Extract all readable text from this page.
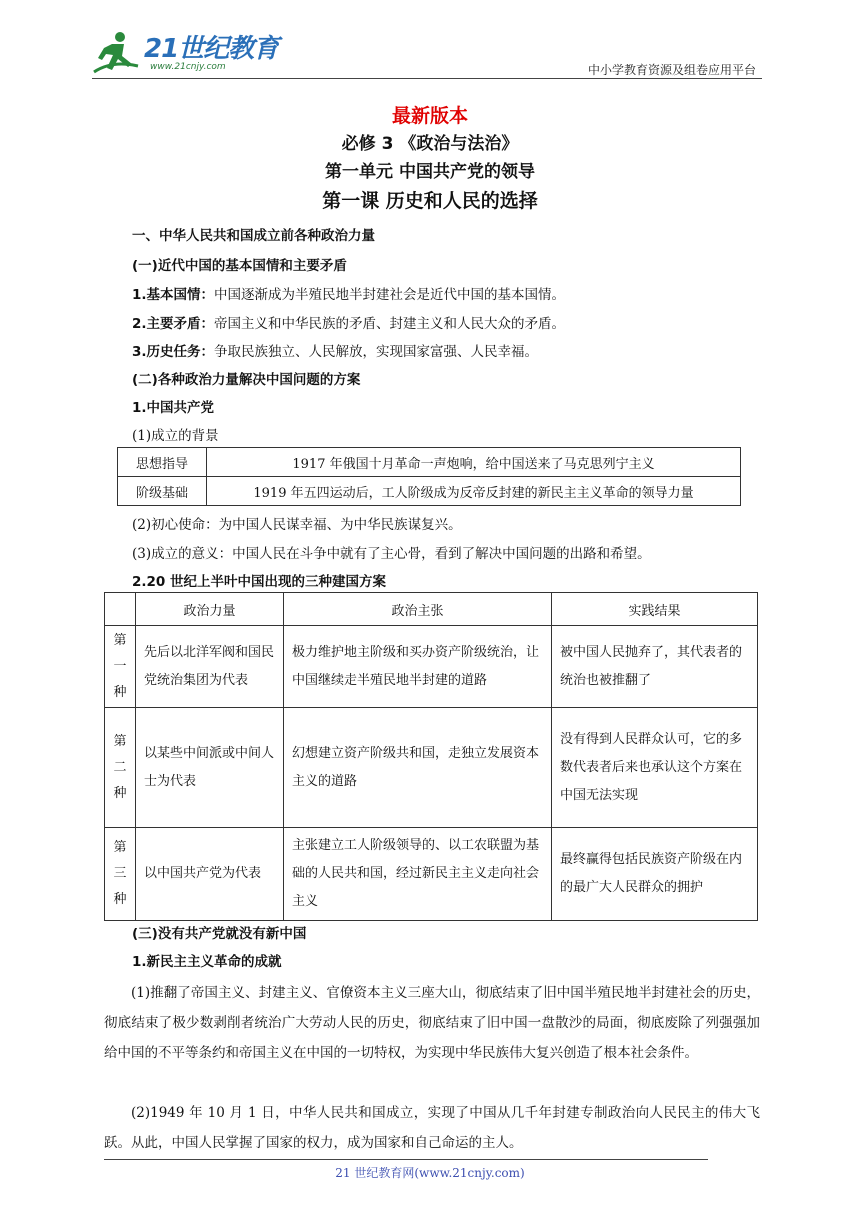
21世纪教育
www.21cnjy.com	中小学教育资源及组卷应用平台
最新版本
必修 3 《政治与法治》
第一单元 中国共产党的领导
第一课 历史和人民的选择
一、中华人民共和国成立前各种政治力量
(一)近代中国的基本国情和主要矛盾
1.基本国情：中国逐渐成为半殖民地半封建社会是近代中国的基本国情。
2.主要矛盾：帝国主义和中华民族的矛盾、封建主义和人民大众的矛盾。
3.历史任务：争取民族独立、人民解放，实现国家富强、人民幸福。
(二)各种政治力量解决中国问题的方案
1.中国共产党
(1)成立的背景
思想指导	1917 年俄国十月革命一声炮响，给中国送来了马克思列宁主义
阶级基础	1919 年五四运动后，工人阶级成为反帝反封建的新民主主义革命的领导力量
(2)初心使命：为中国人民谋幸福、为中华民族谋复兴。
(3)成立的意义：中国人民在斗争中就有了主心骨，看到了解决中国问题的出路和希望。
2.20 世纪上半叶中国出现的三种建国方案
	政治力量	政治主张	实践结果
第一种	先后以北洋军阀和国民党统治集团为代表	极力维护地主阶级和买办资产阶级统治，让中国继续走半殖民地半封建的道路	被中国人民抛弃了，其代表者的统治也被推翻了
第二种	以某些中间派或中间人士为代表	幻想建立资产阶级共和国，走独立发展资本主义的道路	没有得到人民群众认可，它的多数代表者后来也承认这个方案在中国无法实现
第三种	以中国共产党为代表	主张建立工人阶级领导的、以工农联盟为基础的人民共和国，经过新民主主义走向社会主义	最终赢得包括民族资产阶级在内的最广大人民群众的拥护
(三)没有共产党就没有新中国
1.新民主主义革命的成就
(1)推翻了帝国主义、封建主义、官僚资本主义三座大山，彻底结束了旧中国半殖民地半封建社会的历史，彻底结束了极少数剥削者统治广大劳动人民的历史，彻底结束了旧中国一盘散沙的局面，彻底废除了列强强加给中国的不平等条约和帝国主义在中国的一切特权，为实现中华民族伟大复兴创造了根本社会条件。
(2)1949 年 10 月 1 日，中华人民共和国成立，实现了中国从几千年封建专制政治向人民民主的伟大飞跃。从此，中国人民掌握了国家的权力，成为国家和自己命运的主人。
21 世纪教育网(www.21cnjy.com)
